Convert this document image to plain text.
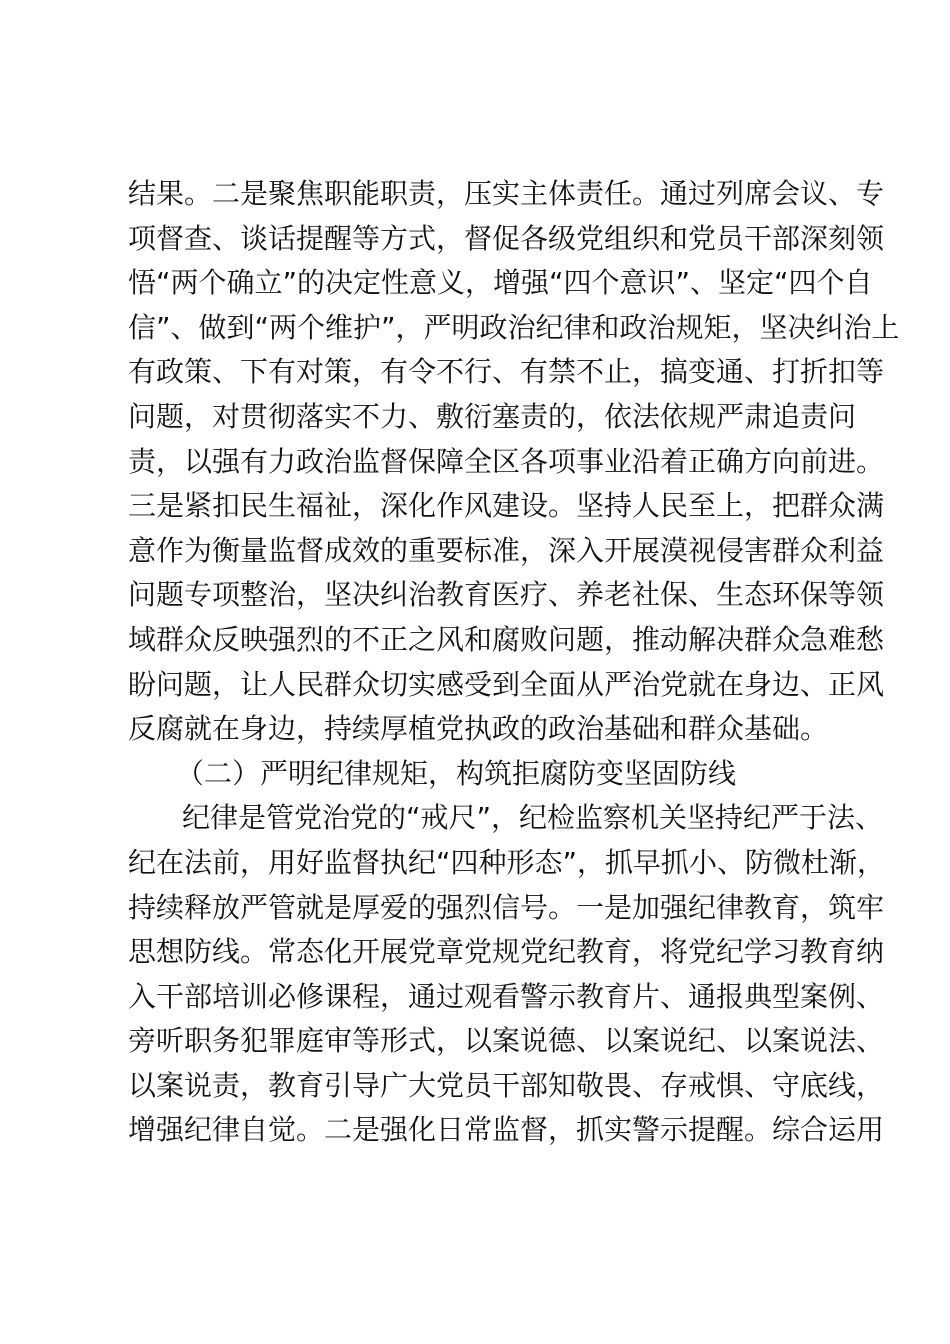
结果。二是聚焦职能职责，压实主体责任。通过列席会议、专
项督查、谈话提醒等方式，督促各级党组织和党员干部深刻领
悟“两个确立”的决定性意义，增强“四个意识”、坚定“四个自
信”、做到“两个维护”，严明政治纪律和政治规矩，坚决纠治上
有政策、下有对策，有令不行、有禁不止，搞变通、打折扣等
问题，对贯彻落实不力、敷衍塞责的，依法依规严肃追责问
责，以强有力政治监督保障全区各项事业沿着正确方向前进。
三是紧扣民生福祉，深化作风建设。坚持人民至上，把群众满
意作为衡量监督成效的重要标准，深入开展漠视侵害群众利益
问题专项整治，坚决纠治教育医疗、养老社保、生态环保等领
域群众反映强烈的不正之风和腐败问题，推动解决群众急难愁
盼问题，让人民群众切实感受到全面从严治党就在身边、正风
反腐就在身边，持续厚植党执政的政治基础和群众基础。
（二）严明纪律规矩，构筑拒腐防变坚固防线
纪律是管党治党的“戒尺”，纪检监察机关坚持纪严于法、
纪在法前，用好监督执纪“四种形态”，抓早抓小、防微杜渐，
持续释放严管就是厚爱的强烈信号。一是加强纪律教育，筑牢
思想防线。常态化开展党章党规党纪教育，将党纪学习教育纳
入干部培训必修课程，通过观看警示教育片、通报典型案例、
旁听职务犯罪庭审等形式，以案说德、以案说纪、以案说法、
以案说责，教育引导广大党员干部知敬畏、存戒惧、守底线，
增强纪律自觉。二是强化日常监督，抓实警示提醒。综合运用
